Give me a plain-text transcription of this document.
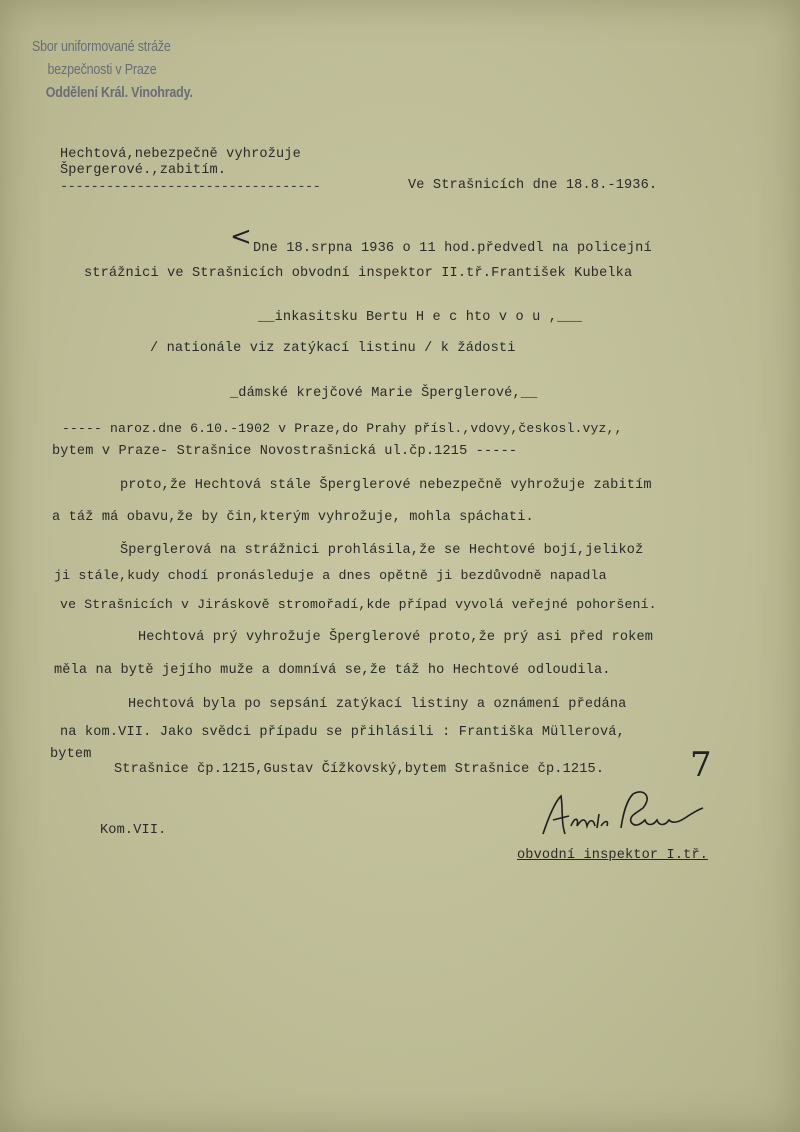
Sbor uniformované stráže
bezpečnosti v Praze
Oddělení Král. Vinohrady.
Hechtová,nebezpečně vyhrožuje
Špergerové.,zabitím.
----------------------------------	Ve Strašnicích dne 18.8.-1936.
< Dne 18.srpna 1936 o 11 hod.předvedl na policejní
strážnici ve Strašnicích obvodní inspektor II.tř.František Kubelka
__inkasitsku Bertu H e c hto v o u ,___
/ nationále viz zatýkací listinu / k žádosti
_dámské krejčové Marie Šperglerové,__
----- naroz.dne 6.10.-1902 v Praze,do Prahy přísl.,vdovy,českosl.vyz,,
bytem v Praze- Strašnice Novostrašnická ul.čp.1215 -----
proto,že Hechtová stále Šperglerové nebezpečně vyhrožuje zabitím
a táž má obavu,že by čin,kterým vyhrožuje, mohla spáchati.
Šperglerová na strážnici prohlásila,že se Hechtové bojí,jelikož
ji stále,kudy chodí pronásleduje a dnes opětně ji bezdůvodně napadla
ve Strašnicích v Jiráskově stromořadí,kde případ vyvolá veřejné pohoršení.
Hechtová prý vyhrožuje Šperglerové proto,že prý asi před rokem
měla na bytě jejího muže a domnívá se,že táž ho Hechtové odloudila.
Hechtová byla po sepsání zatýkací listiny a oznámení předána
na kom.VII. Jako svědci případu se přihlásili : Františka Müllerová,
bytem
Strašnice čp.1215,Gustav Čížkovský,bytem Strašnice čp.1215.	7
Kom.VII.
obvodní inspektor I.tř.
